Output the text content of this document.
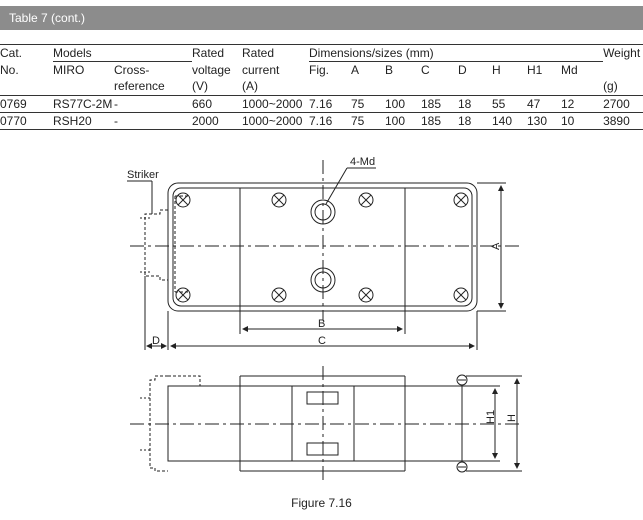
Table 7 (cont.)
Cat.	Models		Rated	Rated	Dimensions/sizes (mm)								Weight
No.	MIRO	Cross-	voltage	current	Fig.	A	B	C	D	H	H1	Md	
		reference	(V)	(A)									(g)
0769	RS77C-2M	-	660	1000~2000	7.16	75	100	185	18	55	47	12	2700
0770	RSH20	-	2000	1000~2000	7.16	75	100	185	18	140	130	10	3890
Striker
4-Md
A
B
C
D
H1 H
Figure 7.16
